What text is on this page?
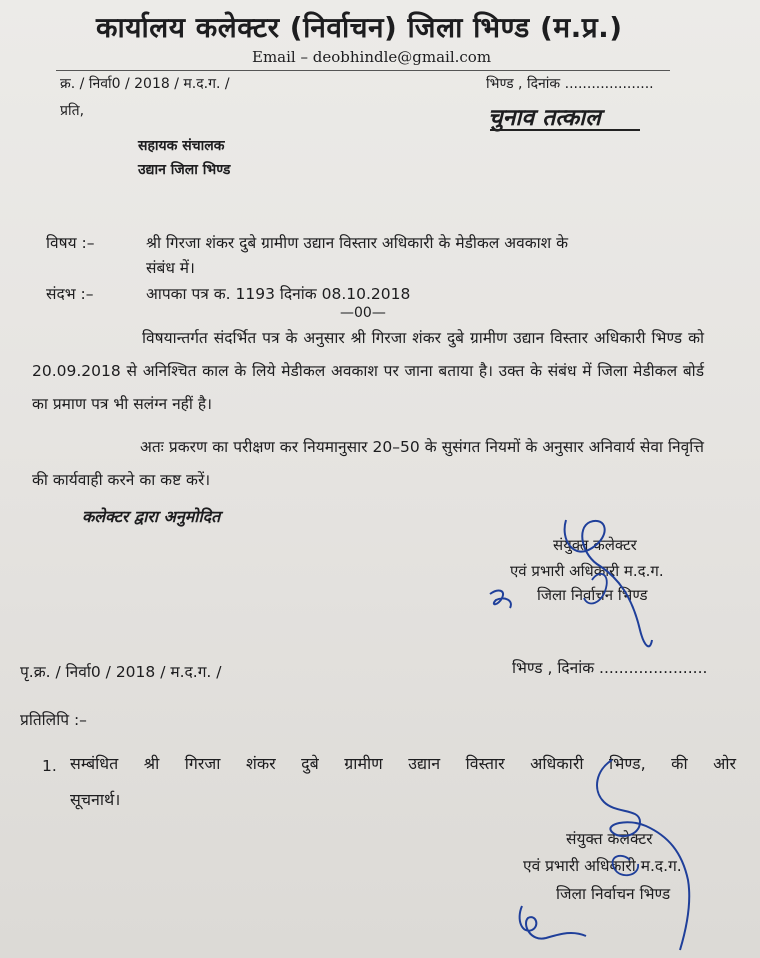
कार्यालय कलेक्टर (निर्वाचन) जिला भिण्ड (म.प्र.)
Email – deobhindle@gmail.com
क्र. / निर्वा0 / 2018 / म.द.ग. /	भिण्ड , दिनांक ....................
प्रति,	चुनाव तत्काल
सहायक संचालक
उद्यान जिला भिण्ड
विषय :–	श्री गिरजा शंकर दुबे ग्रामीण उद्यान विस्तार अधिकारी के मेडीकल अवकाश के
संबंध में।
संदभ :–	आपका पत्र क. 1193 दिनांक 08.10.2018
—00—
विषयान्तर्गत संदर्भित पत्र के अनुसार श्री गिरजा शंकर दुबे ग्रामीण उद्यान विस्तार अधिकारी भिण्ड को 20.09.2018 से अनिश्चित काल के लिये मेडीकल अवकाश पर जाना बताया है। उक्त के संबंध में जिला मेडीकल बोर्ड का प्रमाण पत्र भी सलंग्न नहीं है।
अतः प्रकरण का परीक्षण कर नियमानुसार 20–50 के सुसंगत नियमों के अनुसार अनिवार्य सेवा निवृत्ति की कार्यवाही करने का कष्ट करें।
कलेक्टर द्वारा अनुमोदित
संयुक्त कलेक्टर
एवं प्रभारी अधिकारी म.द.ग.
जिला निर्वाचन भिण्ड
पृ.क्र. / निर्वा0 / 2018 / म.द.ग. /	भिण्ड , दिनांक ......................
प्रतिलिपि :–
1. सम्बंधित श्री गिरजा शंकर दुबे ग्रामीण उद्यान विस्तार अधिकारी भिण्ड, की ओर
सूचनार्थ।
संयुक्त कलेक्टर
एवं प्रभारी अधिकारी म.द.ग.
जिला निर्वाचन भिण्ड
